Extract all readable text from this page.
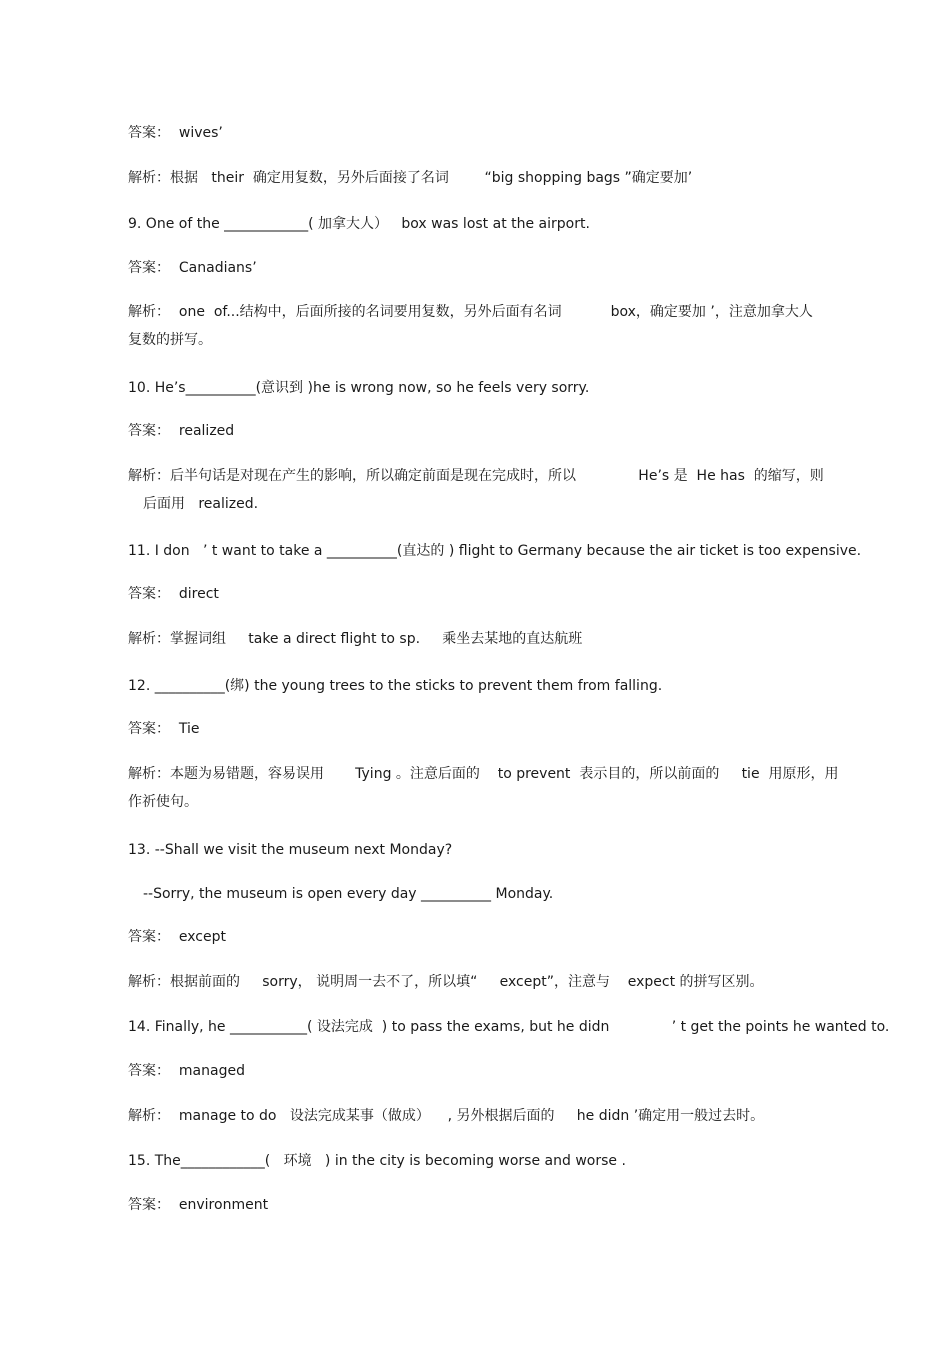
答案：  wives’
解析：根据   their  确定用复数，另外后面接了名词        “big shopping bags ”确定要加’
9. One of the ____________( 加拿大人）   box was lost at the airport.
答案：  Canadians’
解析：  one  of...结构中，后面所接的名词要用复数，另外后面有名词           box，确定要加 ’，注意加拿大人
复数的拼写。
10. He’s__________(意识到 )he is wrong now, so he feels very sorry.
答案：  realized
解析：后半句话是对现在产生的影响，所以确定前面是现在完成时，所以              He’s 是  He has  的缩写，则
后面用   realized.
11. I don   ’ t want to take a __________(直达的 ) flight to Germany because the air ticket is too expensive.
答案：  direct
解析：掌握词组     take a direct flight to sp.     乘坐去某地的直达航班
12. __________(绑) the young trees to the sticks to prevent them from falling.
答案：  Tie
解析：本题为易错题，容易误用       Tying 。注意后面的    to prevent  表示目的，所以前面的     tie  用原形，用
作祈使句。
13. --Shall we visit the museum next Monday?
--Sorry, the museum is open every day __________ Monday.
答案：  except
解析：根据前面的     sorry， 说明周一去不了，所以填“     except”，注意与    expect 的拼写区别。
14. Finally, he ___________( 设法完成  ) to pass the exams, but he didn              ’ t get the points he wanted to.
答案：  managed
解析：  manage to do   设法完成某事（做成）    , 另外根据后面的     he didn ’确定用一般过去时。
15. The____________(   环境   ) in the city is becoming worse and worse .
答案：  environment
